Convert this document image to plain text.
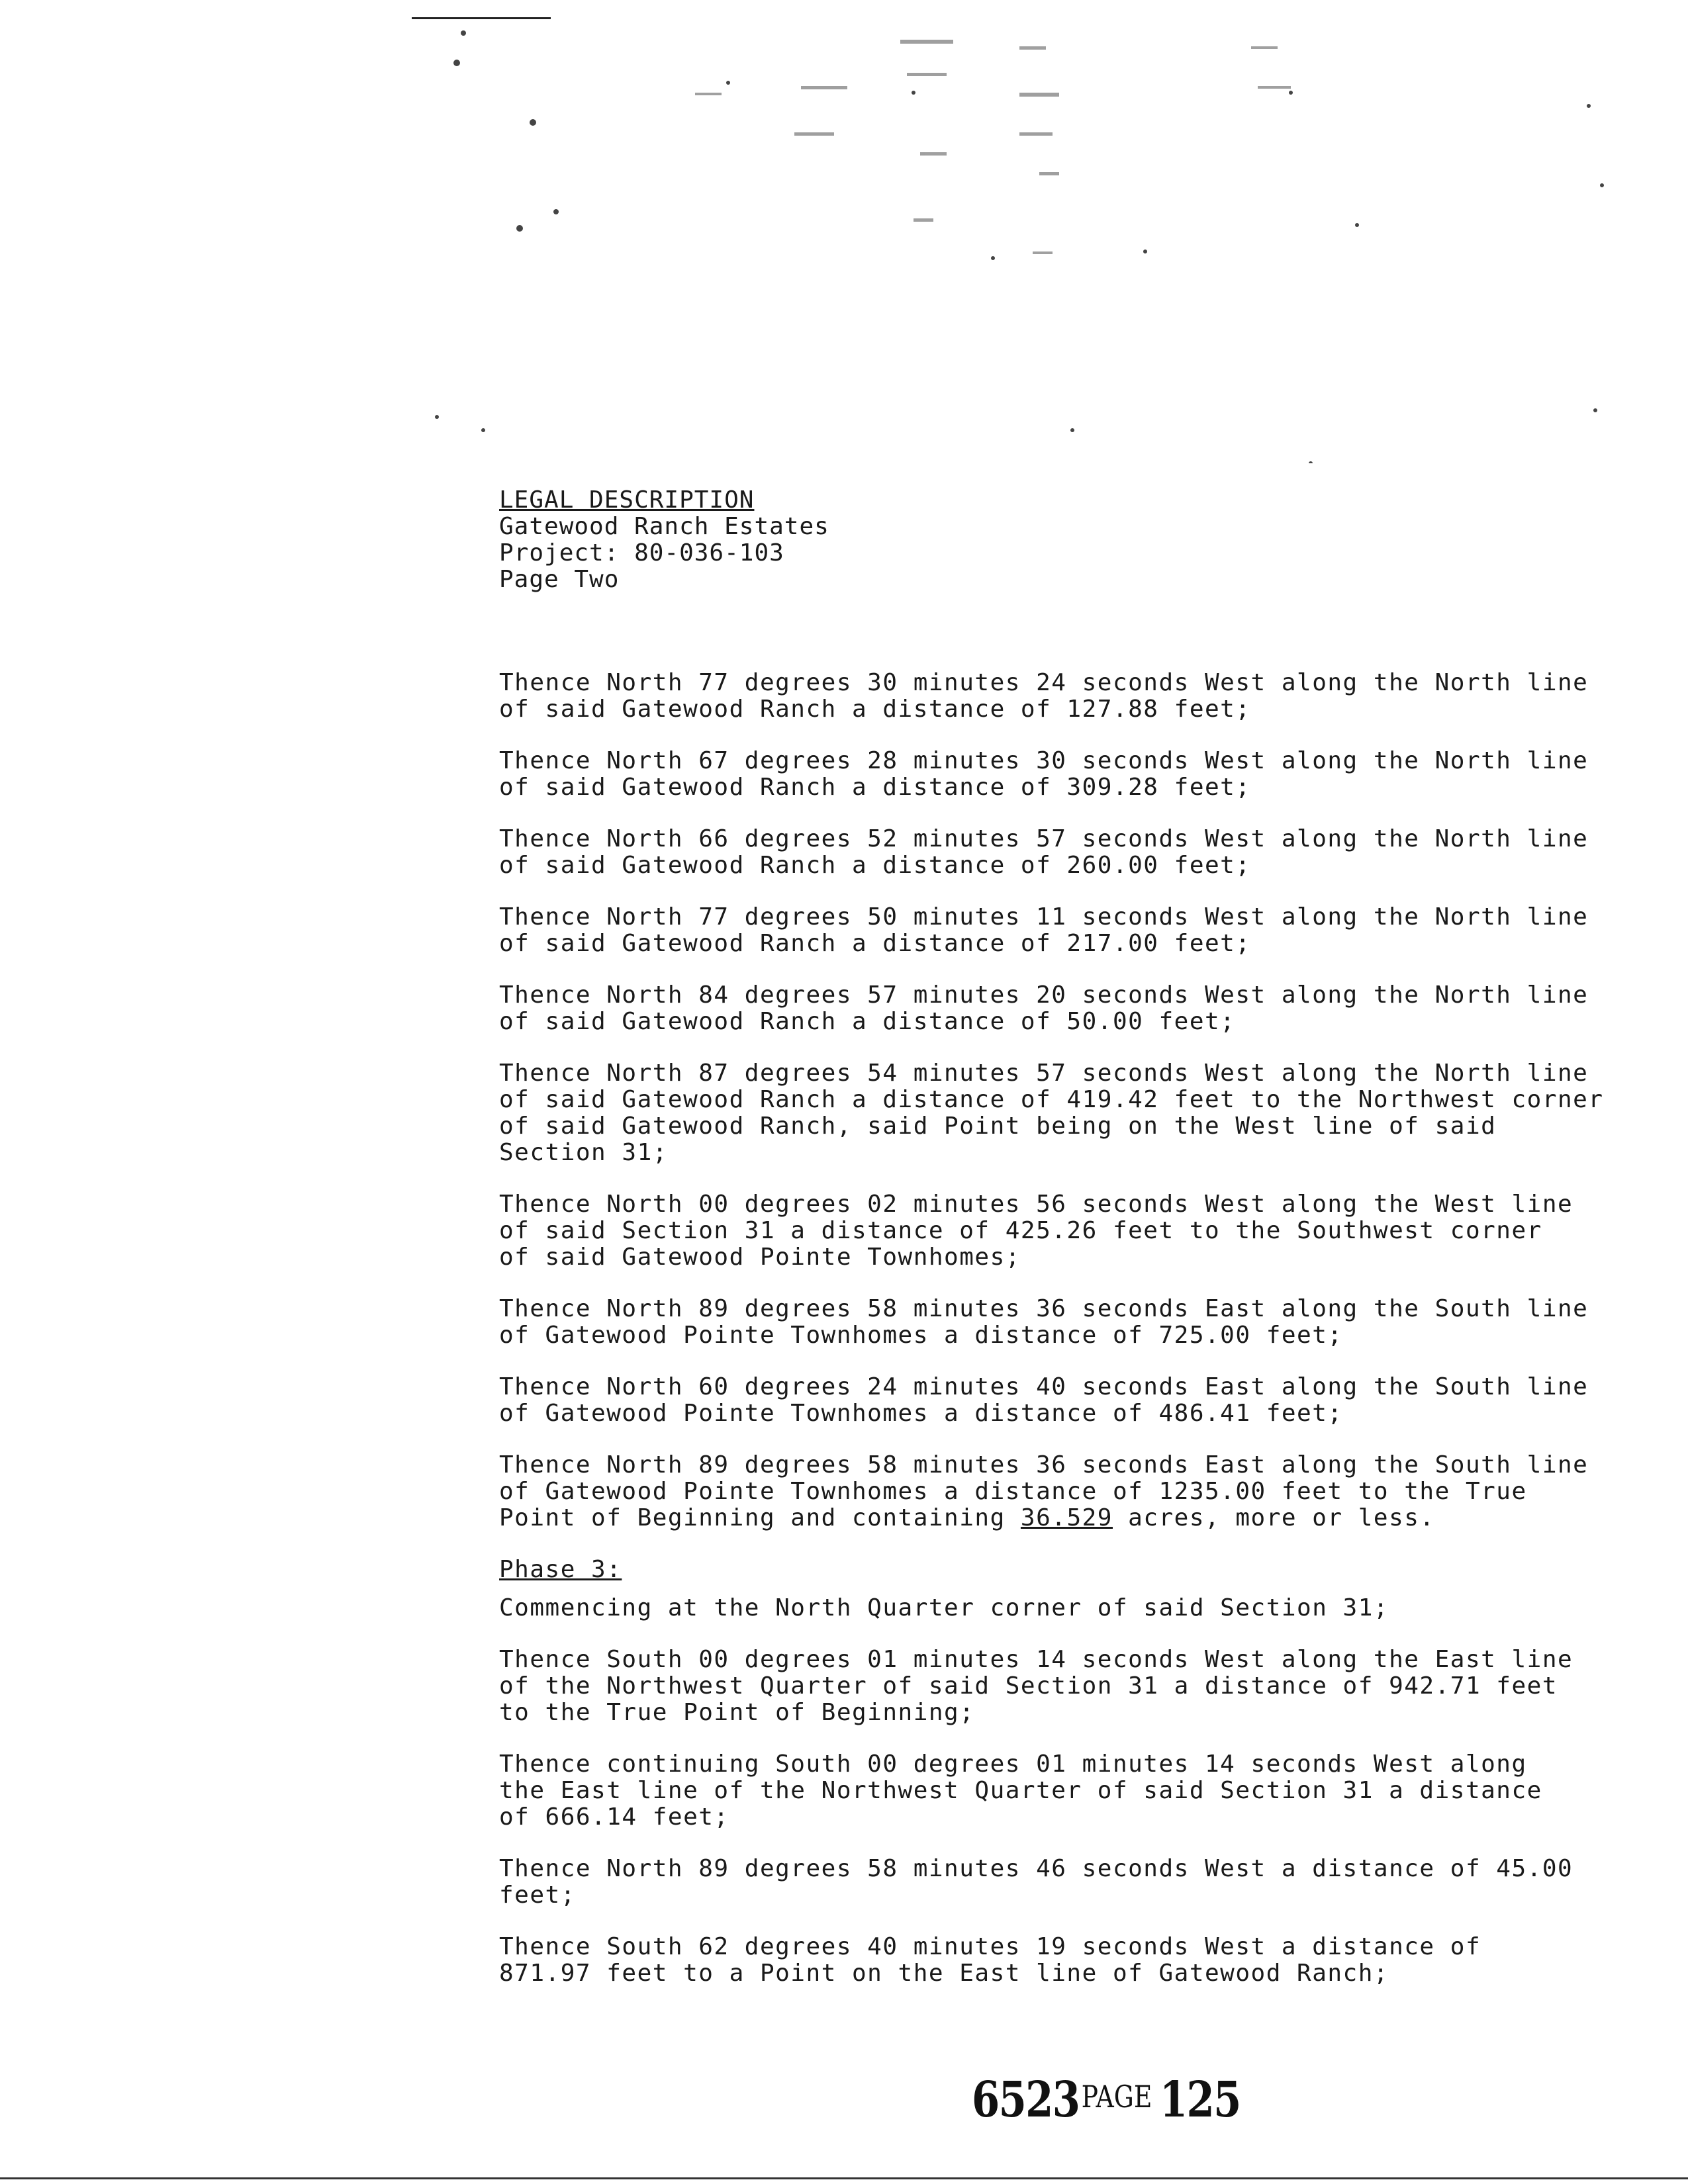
LEGAL DESCRIPTION
Gatewood Ranch Estates
Project: 80-036-103
Page Two

Thence North 77 degrees 30 minutes 24 seconds West along the North line
of said Gatewood Ranch a distance of 127.88 feet;

Thence North 67 degrees 28 minutes 30 seconds West along the North line
of said Gatewood Ranch a distance of 309.28 feet;

Thence North 66 degrees 52 minutes 57 seconds West along the North line
of said Gatewood Ranch a distance of 260.00 feet;

Thence North 77 degrees 50 minutes 11 seconds West along the North line
of said Gatewood Ranch a distance of 217.00 feet;

Thence North 84 degrees 57 minutes 20 seconds West along the North line
of said Gatewood Ranch a distance of 50.00 feet;

Thence North 87 degrees 54 minutes 57 seconds West along the North line
of said Gatewood Ranch a distance of 419.42 feet to the Northwest corner
of said Gatewood Ranch, said Point being on the West line of said
Section 31;

Thence North 00 degrees 02 minutes 56 seconds West along the West line
of said Section 31 a distance of 425.26 feet to the Southwest corner
of said Gatewood Pointe Townhomes;

Thence North 89 degrees 58 minutes 36 seconds East along the South line
of Gatewood Pointe Townhomes a distance of 725.00 feet;

Thence North 60 degrees 24 minutes 40 seconds East along the South line
of Gatewood Pointe Townhomes a distance of 486.41 feet;

Thence North 89 degrees 58 minutes 36 seconds East along the South line
of Gatewood Pointe Townhomes a distance of 1235.00 feet to the True
Point of Beginning and containing 36.529 acres, more or less.

Phase 3:

Commencing at the North Quarter corner of said Section 31;

Thence South 00 degrees 01 minutes 14 seconds West along the East line
of the Northwest Quarter of said Section 31 a distance of 942.71 feet
to the True Point of Beginning;

Thence continuing South 00 degrees 01 minutes 14 seconds West along
the East line of the Northwest Quarter of said Section 31 a distance
of 666.14 feet;

Thence North 89 degrees 58 minutes 46 seconds West a distance of 45.00
feet;

Thence South 62 degrees 40 minutes 19 seconds West a distance of
871.97 feet to a Point on the East line of Gatewood Ranch;

6523PAGE 125
